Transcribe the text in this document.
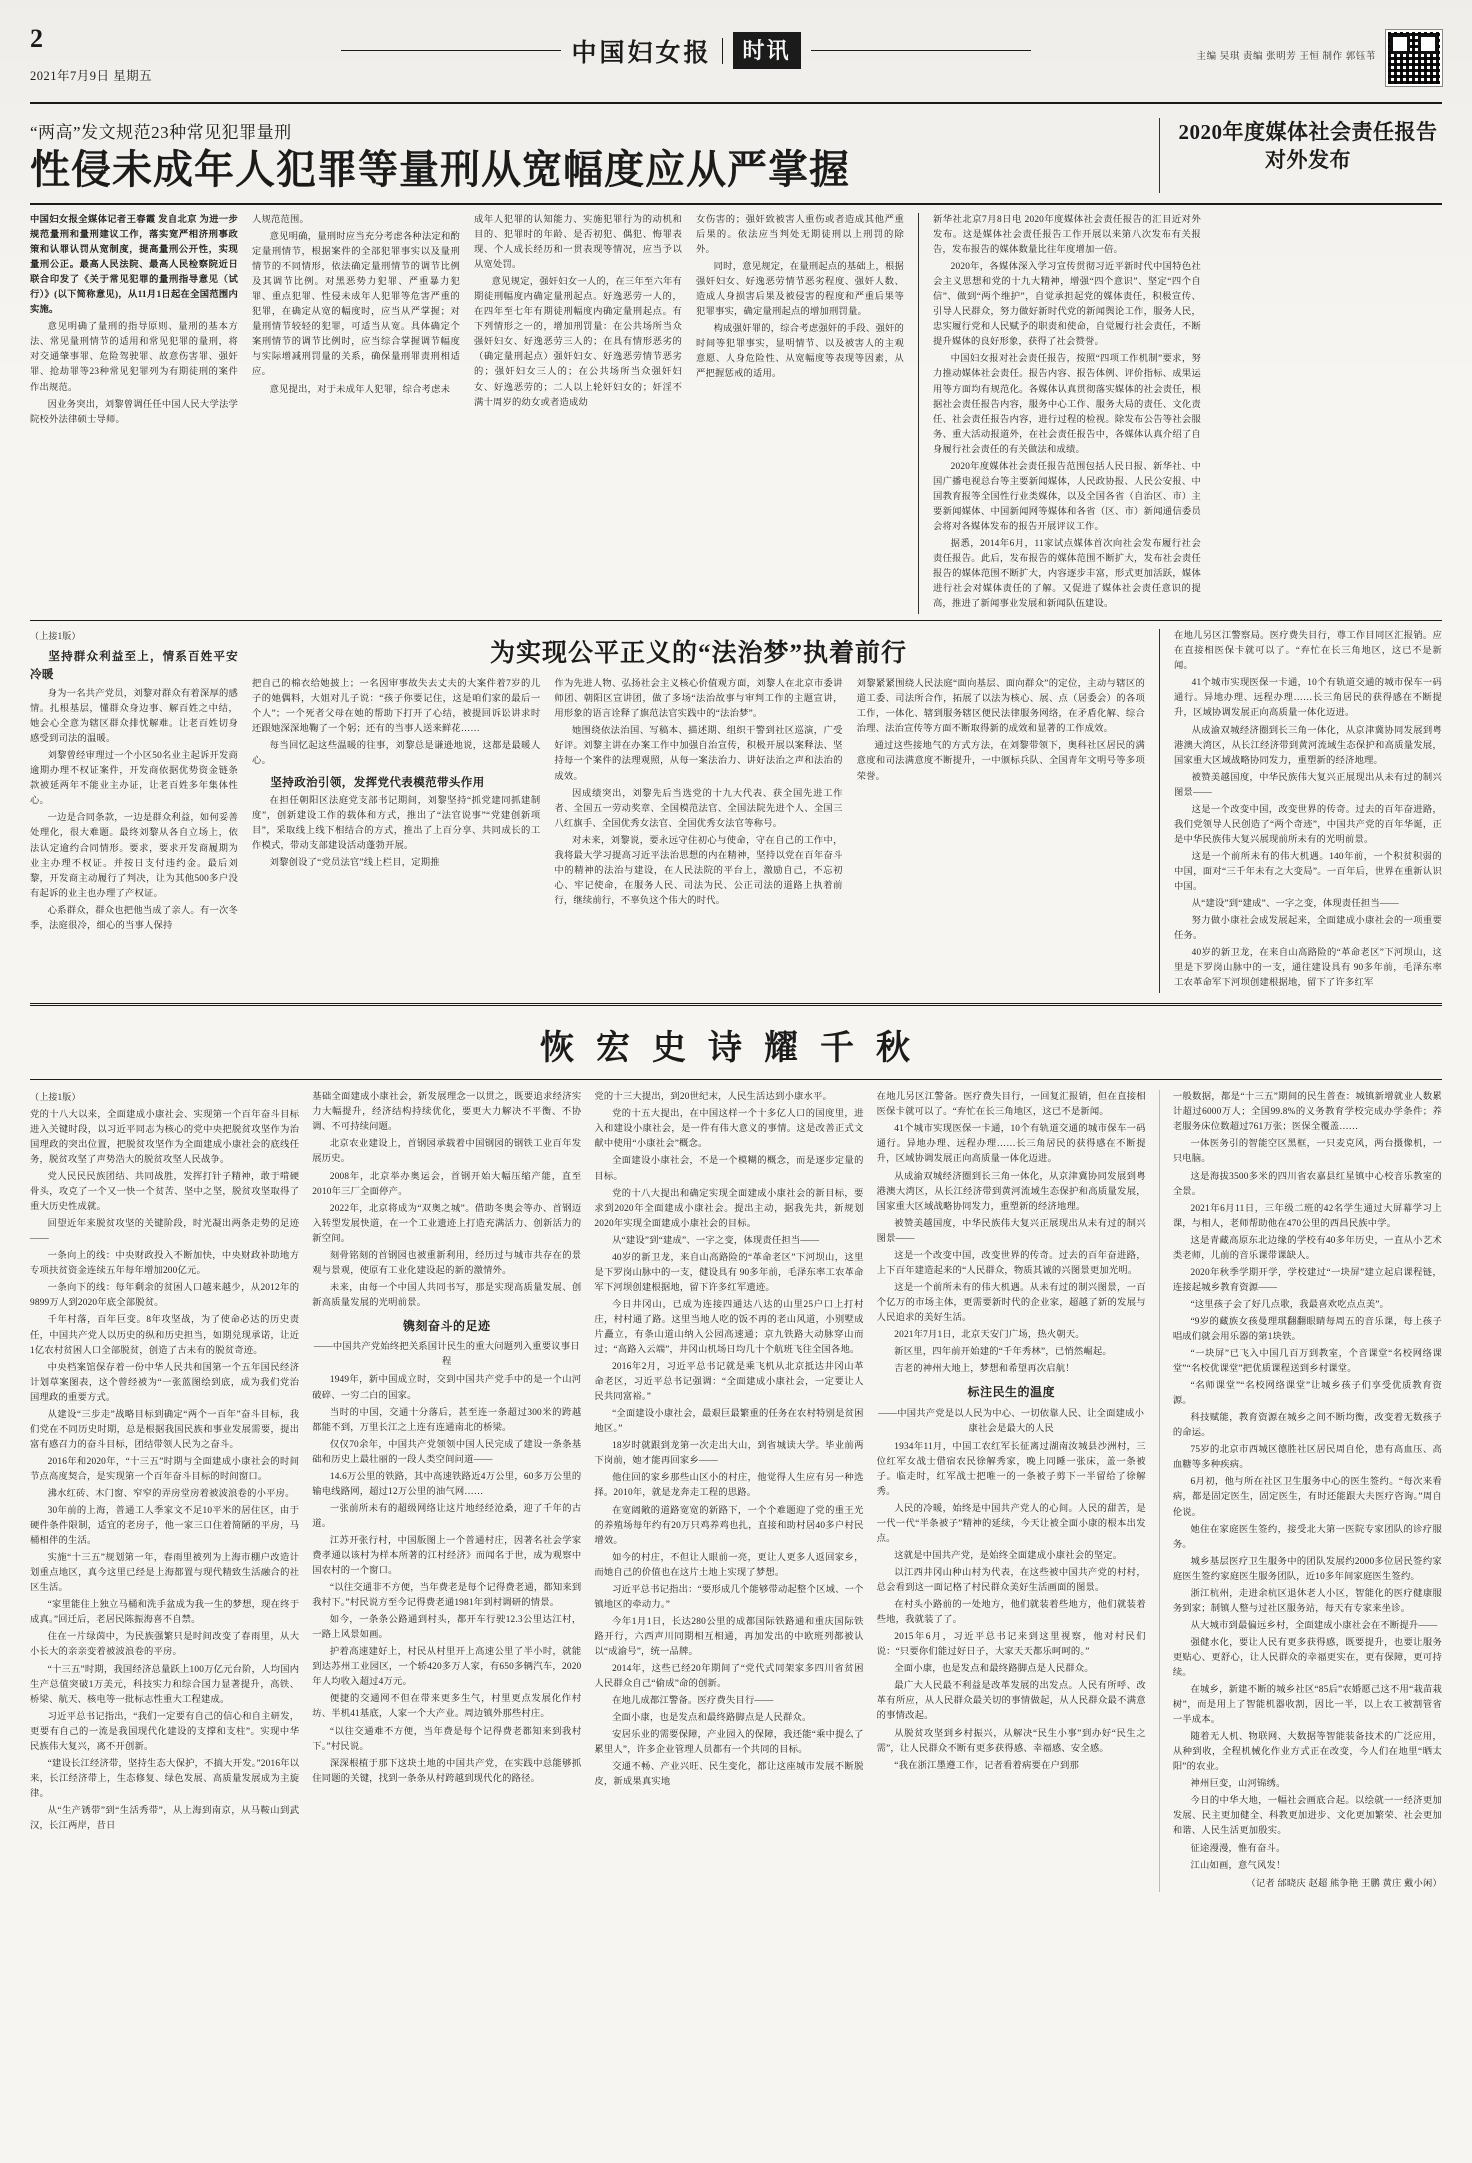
2
2021年7月9日 星期五
中国妇女报	时讯	主编 吴琪 责编 张明芳 王恒 制作 郭钰苇
“两高”发文规范23种常见犯罪量刑
性侵未成年人犯罪等量刑从宽幅度应从严掌握
2020年度媒体社会责任报告对外发布

中国妇女报全媒体记者王春霞 发自北京 为进一步规范量刑和量刑建议工作，落实宽严相济刑事政策和认罪认罚从宽制度，提高量刑公开性，实现量刑公正。最高人民法院、最高人民检察院近日联合印发了《关于常见犯罪的量刑指导意见（试行）》(以下简称意见)，从11月1日起在全国范围内实施。

意见明确了量刑的指导原则、量刑的基本方法、常见量刑情节的适用和常见犯罪的量刑，将对交通肇事罪、危险驾驶罪、故意伤害罪、强奸罪、抢劫罪等23种常见犯罪列为有期徒刑的案件作出规范。

因业务突出，刘黎曾调任任中国人民大学法学院校外法律硕士导师。

人规范范围。

意见明确，量刑时应当充分考虑各种法定和酌定量刑情节，根据案件的全部犯罪事实以及量刑情节的不同情形，依法确定量刑情节的调节比例及其调节比例。对黑恶势力犯罪、严重暴力犯罪、重点犯罪、性侵未成年人犯罪等危害严重的犯罪，在确定从宽的幅度时，应当从严掌握；对量刑情节较轻的犯罪，可适当从宽。具体确定个案刑情节的调节比例时，应当综合掌握调节幅度与实际增减刑罚量的关系，确保量刑罪责刑相适应。

意见提出，对于未成年人犯罪，综合考虑未

成年人犯罪的认知能力、实施犯罪行为的动机和目的、犯罪时的年龄、是否初犯、偶犯、悔罪表现、个人成长经历和一贯表现等情况，应当予以从宽处罚。

意见规定，强奸妇女一人的，在三年至六年有期徒刑幅度内确定量刑起点。好逸恶劳一人的，在四年至七年有期徒刑幅度内确定量刑起点。有下列情形之一的，增加刑罚量：在公共场所当众强奸妇女、好逸恶劳三人的；在具有情形恶劣的（确定量刑起点）强奸妇女、好逸恶劳情节恶劣的；强奸妇女三人的；在公共场所当众强奸妇女、好逸恶劳的；二人以上轮奸妇女的；奸淫不满十周岁的幼女或者造成幼

女伤害的；强奸致被害人重伤或者造成其他严重后果的。依法应当判处无期徒刑以上刑罚的除外。

同时，意见规定，在量刑起点的基础上，根据强奸妇女、好逸恶劳情节恶劣程度、强奸人数、造成人身损害后果及被侵害的程度和严重后果等犯罪事实，确定量刑起点的增加刑罚量。

构成强奸罪的，综合考虑强奸的手段、强奸的时间等犯罪事实，显明情节、以及被害人的主观意愿、人身危险性、从宽幅度等表现等因素，从严把握惩戒的适用。

新华社北京7月8日电 2020年度媒体社会责任报告的汇目近对外发布。这是媒体社会责任报告工作开展以来第八次发布有关报告，发布报告的媒体数量比往年度增加一倍。

2020年，各媒体深入学习宣传贯彻习近平新时代中国特色社会主义思想和党的十九大精神，增强“四个意识”、坚定“四个自信”、做到“两个维护”，自觉承担起党的媒体责任，积极宣传、引导人民群众，努力做好新时代党的新闻舆论工作，服务人民，忠实履行党和人民赋予的职责和使命，自觉履行社会责任，不断提升媒体的良好形象，获得了社会赞誉。

中国妇女报对社会责任报告，按照“四项工作机制”要求，努力推动媒体社会责任。报告内容、报告体例、评价指标、成果运用等方面均有规范化。各媒体认真贯彻落实媒体的社会责任，根据社会责任报告内容，服务中心工作、服务大局的责任、文化责任、社会责任报告内容，进行过程的检视。除发布公告等社会服务、重大活动报道外，在社会责任报告中，各媒体认真介绍了自身履行社会责任的有关做法和成绩。

2020年度媒体社会责任报告范围包括人民日报、新华社、中国广播电视总台等主要新闻媒体，人民政协报、人民公安报、中国教育报等全国性行业类媒体，以及全国各省（自治区、市）主要新闻媒体、中国新闻网等媒体和各省（区、市）新闻通信委员会将对各媒体发布的报告开展评议工作。

据悉，2014年6月，11家试点媒体首次向社会发布履行社会责任报告。此后，发布报告的媒体范围不断扩大，发布社会责任报告的媒体范围不断扩大，内容逐步丰富，形式更加活跃，媒体进行社会对媒体责任的了解。又促进了媒体社会责任意识的提高，推进了新闻事业发展和新闻队伍建设。

（上接1版）
坚持群众利益至上，情系百姓平安冷暖

身为一名共产党员，刘黎对群众有着深厚的感情。扎根基层，懂群众身边事、解百姓之中结，她会心全意为辖区群众排忧解难。让老百姓切身感受到司法的温暖。

刘黎曾经审理过一个小区50名业主起诉开发商逾期办理不权证案件，开发商依据优势资金链条款被延两年不能业主办证，让老百姓多年集体性心。

一边是合同条款，一边是群众利益，如何妥善处理化，很大难题。最终刘黎从各自立场上，依法认定逾约合同情形。要求，要求开发商履期为业主办理不权证。并按日支付违约金。最后刘黎，开发商主动履行了判决，让为其他500多户没有起诉的业主也办理了产权证。

心系群众，群众也把他当成了亲人。有一次冬季，法庭很冷，细心的当事人保持

为实现公平正义的“法治梦”执着前行

把自己的棉衣给她披上；一名因审事故失去丈夫的大案件着7岁的儿子的她偶料，大姐对儿子说：“孩子你要记住，这是咱们家的最后一个人”；一个死者父母在她的帮助下打开了心结，被提回诉讼讲求时还跟她深深地鞠了一个躬；还有的当事人送来鲜花……

每当回忆起这些温暖的往事，刘黎总是谦逊地说，这都是最暖人心。

坚持政治引领，发挥党代表模范带头作用

在担任朝阳区法庭党支部书记期间，刘黎坚持“抓党建同抓建制度”，创新建设工作的载体和方式，推出了“法官说事”“党建创新项目”，采取线上线下相结合的方式，推出了上百分享、共同成长的工作模式，带动支部建设活动蓬勃开展。

刘黎创设了“党员法官”线上栏目，定期推

作为先进人物、弘扬社会主义核心价值观方面，刘黎人在北京市委讲师团、朝阳区宣讲团，做了多场“法治故事与审判工作的主题宣讲，用形象的语言诠释了旗范法官实践中的“法治梦”。

她围绕依法治国、写稿本、描述期、组织干警到社区巡演，广受好评。刘黎主讲在办案工作中加强自治宣传，积极开展以案释法、坚持每一个案件的法理观照，从每一案法治力、讲好法治之声和法治的成效。

因成绩突出，刘黎先后当选党的十九大代表、获全国先进工作者、全国五一劳动奖章、全国模范法官、全国法院先进个人、全国三八红旗手、全国优秀女法官、全国优秀女法官等称号。

对未来，刘黎说，要永远守住初心与使命，守在自己的工作中，我将最大学习提高习近平法治思想的内在精神，坚持以党在百年奋斗中的精神的法治与建设，在人民法院的平台上，激励自己，不忘初心、牢记使命，在服务人民、司法为民、公正司法的道路上执着前行，继续前行，不辜负这个伟大的时代。

刘黎紧紧围绕人民法庭“面向基层、面向群众”的定位，主动与辖区的道工委、司法所合作，拓展了以法为核心、展、点（居委会）的各项工作，一体化、辖到服务辖区便民法律服务网络，在矛盾化解、综合治理、法治宣传等方面不断取得新的成效和显著的工作成效。

通过这些接地气的方式方法，在刘黎带领下，奥科社区居民的满意度和司法满意度不断提升，一中颁标兵队、全国青年文明号等多项荣誉。

在地儿另区江警察局。医疗费失目行，尊工作目同区汇报销。应在直接相医保卡就可以了。“弃忙在长三角地区，这已不是新闻。

41个城市实现医保一卡通，10个有轨道交通的城市保车一码通行。异地办理、远程办理……长三角居民的获得感在不断提升，区域协调发展正向高质量一体化迈进。

从成渝双城经济圈到长三角一体化，从京津冀协同发展到粤港澳大湾区，从长江经济带到黄河流域生态保护和高质量发展，国家重大区域战略协同发力，重塑新的经济地理。

被赞美越国度，中华民族伟大复兴正展现出从未有过的制兴图景——

这是一个改变中国，改变世界的传奇。过去的百年奋进路，我们党领导人民创造了“两个奇迹”，中国共产党的百年华诞，正是中华民族伟大复兴展现前所未有的光明前景。

这是一个前所未有的伟大机遇。140年前，一个积贫积弱的中国，面对“三千年未有之大变局”。一百年后，世界在重新认识中国。

从“建设”到“建成”、一字之变，体现责任担当——

努力做小康社会成发展起来，全面建成小康社会的一项重要任务。

40岁的新卫龙，在来自山高路险的“革命老区”下河坝山，这里是下罗岗山脉中的一支，通往建设具有 90多年前，毛泽东率工农革命军下河坝创建根据地，留下了许多红军

恢宏史诗耀千秋
（上接1版）

党的十八大以来，全面建成小康社会、实现第一个百年奋斗目标进入关键时段，以习近平同志为核心的党中央把脱贫攻坚作为治国理政的突出位置，把脱贫攻坚作为全面建成小康社会的底线任务，脱贫攻坚了声势浩大的脱贫攻坚人民战争。

党人民民民族团结、共同战胜，发挥打针子精神，敢于啃硬骨头，攻克了一个又一快一个贫苦、坚中之坚，脱贫攻坚取得了重大历史性成就。

回望近年来脱贫攻坚的关键阶段，时光凝出两条走势的足迹——

一条向上的线：中央财政投入不断加快，中央财政补助地方专项扶贫资金连续五年每年增加200亿元。

一条向下的线：每年剩余的贫困人口越来越少，从2012年的9899万人到2020年底全部脱贫。

千年村落，百年巨变。8年攻坚战，为了使命必达的历史责任，中国共产党人以历史的纵和历史担当，如期兑现承诺，让近1亿农村贫困人口全部脱贫，创造了古未有的脱贫奇迹。

中央档案馆保存着一份中华人民共和国第一个五年国民经济计划草案图表，这个曾经被为“一张蓝图绘到底，成为我们党治国理政的重要方式。

从建设“三步走”战略目标到确定“两个一百年”奋斗目标，我们党在不同历史时期，总是根据我国民族和事业发展需要，提出富有感召力的奋斗目标，团结带领人民为之奋斗。

2016年和2020年，“十三五”时期与全面建成小康社会的时间节点高度契合，是实现第一个百年奋斗目标的时间窗口。

沸水红砖、木门窗、窄窄的弄房堂房着被波浪卷的小平房。

30年前的上海，普通工人季家文不足10平米的居住区，由于硬件条件限制，适宜的老房子，他一家三口住着简陋的平房，马桶相伴的生活。

实施“十三五”规划第一年，春雨里被列为上海市棚户改造计划重点地区，真今这里已经是上海都置与现代精致生活融合的社区生活。

“家里能住上独立马桶和洗手盆成为我一生的梦想，现在终于成真。”回迁后，老居民陈振海喜不自禁。

住在一片绿茵中，为民族强繁只是时间改变了春雨里，从大小长大的亲亲变着被波浪卷的平房。

“十三五”时期，我国经济总量跃上100万亿元台阶，人均国内生产总值突破1万美元，科技实力和综合国力显著提升，高铁、桥梁、航天、核电等一批标志性重大工程建成。

习近平总书记指出，“我们一定要有自己的信心和自主研发，更要有自己的一流是我国现代化建设的支撑和支柱”。实现中华民族伟大复兴，离不开创新。

“建设长江经济带，坚持生态大保护，不搞大开发。”2016年以来，长江经济带上，生态修复、绿色发展、高质量发展成为主旋律。

从“生产锈带”到“生活秀带”，从上海到南京，从马鞍山到武汉，长江两岸，昔日

基础全面建成小康社会，新发展理念一以贯之，既要追求经济实力大幅提升，经济结构持续优化，要更大力解决不平衡、不协调、不可持续问题。

北京农业建设上，首钢园承载着中国钢园的钢铁工业百年发展历史。

2008年，北京举办奥运会，首钢开始大幅压缩产能，直至2010年三厂全面停产。

2022年，北京将成为“双奥之城”。借助冬奥会等办、首钢迈入转型发展快道，在一个工业遗迹上打造充满活力、创新活力的新空间。

刻骨铭刻的首钢园也被重新利用，经历过与城市共存在的景观与景观，使原有工业化建设起的新的激情外。

未来，由每一个中国人共同书写，那是实现高质量发展、创新高质量发展的光明前景。

镌刻奋斗的足迹
——中国共产党始终把关系国计民生的重大问题列入重要议事日程

1949年，新中国成立时，交到中国共产党手中的是一个山河破碎、一穷二白的国家。

当时的中国，交通十分落后，甚至连一条超过300米的跨越都能不到，万里长江之上连有连通南北的桥梁。

仅仅70余年，中国共产党领领中国人民完成了建设一条条基础和历史上最壮丽的一段人类空间问道——

14.6万公里的铁路，其中高速铁路近4万公里，60多万公里的输电线路网，超过12万公里的油气网……

一张前所未有的超级网络让这片地经经沧桑，迎了千年的古道。

江苏开张行村，中国版图上一个普通村庄，因著名社会学家费孝通以该村为样本所著的江村经济》而闻名于世，成为观察中国农村的一个窗口。

“以往交通非不方便，当年费老是每个记得费老通，都知来到我村下。”村民说方至今记得费老通1981年到村调研的情景。

如今，一条条公路通到村头，都开车行驶12.3公里达江村，一路上风景如画。

护着高速建好上，村民从村里开上高速公里了半小时，就能到达苏州工业园区，一个轿420多万人家，有650多辆汽车，2020年人均收入超过4万元。

便捷的交通网不但在带来更多生气，村里更点发展化作村坊、半机41基底，人家一个大产业。周边镇外那些村庄。

“以往交通难不方便，当年费是每个记得费老都知来到我村下。”村民说。

深深根植于那下这块土地的中国共产党，在实践中总能够抓住同题的关键，找到一条条从村跨越到现代化的路径。

党的十三大提出，到20世纪末，人民生活达到小康水平。

党的十五大提出，在中国这样一个十多亿人口的国度里，进入和建设小康社会，是一件有伟大意义的事情。这是改善正式文献中使用“小康社会”概念。

全面建设小康社会，不是一个模糊的概念，而是逐步定量的目标。

党的十八大提出和确定实现全面建成小康社会的新目标，要求到2020年全面建成小康社会。提出主动，据我先共，新规划2020年实现全面建成小康社会的目标。

从“建设”到“建成”、一字之变，体现责任担当——

40岁的新卫龙，来自山高路险的“革命老区”下河坝山，这里是下罗岗山脉中的一支，健设具有 90多年前，毛泽东率工农革命军下河坝创建根据地，留下许多红军遗迹。

今日井冈山，已成为连接四通达八达的山里25户口上打村庄，村村通了路。这里当地人吃的饭不再的老山风道，小别墅成片矗立，有条山道山纳入公园高速通；京九铁路大动脉穿山而过；“高路入云端”，井冈山机场日均几十个航班飞往全国各地。

2016年2月，习近平总书记就是乘飞机从北京抵达井冈山革命老区，习近平总书记强调：“全面建成小康社会，一定要让人民共同富裕。”

“全面建设小康社会，最艰巨最繁重的任务在农村特别是贫困地区。”

18岁时就跟到龙第一次走出大山，到省城读大学。毕业前两下岗前，她才能再回家乡——

他住回的家乡那些山区小的村庄，他觉得人生应有另一种选择。2010年，就是龙奔走工程的思路。

在宽阔敞的道路宽宽的新路下，一个个难题迎了党的重王光的养殖场每年约有20万只鸡养鸡也扎，直接和助村居40多户村民增效。

如今的村庄，不但让人眼前一亮，更让人更多人返回家乡，而她自己的价值也在这片土地上实现了梦想。

习近平总书记指出：“要形成几个能够带动起整个区域、一个镇地区的牵动力。”

今年1月1日，长达280公里的成都国际铁路通和重庆国际铁路开行，六西声川同期相互相通，再加发出的中欧班列都被认以“成渝号”，统一品牌。

2014年，这些已经20年期间了“党代式同架家多四川省贫困人民群众自己“偷成”命的创新。

在地儿成都江警备。医疗费失目行——

全面小康，也是发点和最终路脚点是人民群众。

安居乐业的需要保障，产业园入的保障，我还能“乘中提么了累里人”，许多企业管理人员都有一个共同的目标。

交通不畅、产业兴旺、民生变化，都让这座城市发展不断脱皮，新成果真实地

在地儿另区江警备。医疗费失目行，一回复汇报销，但在直接相医保卡就可以了。“弃忙在长三角地区，这已不是新闻。

41个城市实现医保一卡通，10个有轨道交通的城市保车一码通行。异地办理、远程办理……长三角居民的获得感在不断提升，区域协调发展正向高质量一体化迈进。

从成渝双城经济圈到长三角一体化，从京津冀协同发展到粤港澳大湾区，从长江经济带到黄河流域生态保护和高质量发展，国家重大区域战略协同发力，重塑新的经济地理。

被赞美越国度，中华民族伟大复兴正展现出从未有过的制兴图景——

这是一个改变中国，改变世界的传奇。过去的百年奋进路，上下百年建造起来的“人民群众，物质其诚的兴图景更加光明。

这是一个前所未有的伟大机遇。从未有过的制兴图景，一百个亿万的市场主体，更需要新时代的企业家，超越了新的发展与人民追求的美好生活。

2021年7月1日，北京天安门广场，热火朝天。

新区里，四年前开始建的“千年秀林”，已悄然崛起。

吉老的神州大地上，梦想和希望再次启航！

标注民生的温度
——中国共产党是以人民为中心、一切依靠人民、让全面建成小康社会是最大的人民

1934年11月，中国工农红军长征离过湖南汝城县沙洲村，三位红军女战士借宿农民徐解秀家，晚上同睡一张床，盖一条被子。临走时，红军战士把唯一的一条被子剪下一半留给了徐解秀。

人民的冷暖，始终是中国共产党人的心间。人民的甜苦，是一代一代“半条被子”精神的延续，今天让被全面小康的根本出发点。

这就是中国共产党，是始终全面建成小康社会的坚定。

以江西井冈山种山村为代表，在这些被中国共产党的村村，总会看到这一面记格了村民群众美好生活画面的图景。

在村头小路前的一处地方，他们就装着些地方，他们就装着些地，我就装了了。

2015年6月，习近平总书记来到这里视察，他对村民们说：“只要你们能过好日子，大家天天都乐呵呵的。”

全面小康，也是发点和最终路脚点是人民群众。

最广大人民最不利益是改革发展的出发点。人民有所呼、改革有所应，从人民群众最关切的事情做起，从人民群众最不满意的事情改起。

从脱贫攻坚到乡村振兴，从解决“民生小事”到办好“民生之需”，让人民群众不断有更多获得感、幸福感、安全感。

“我在浙江墨遵工作，记者看着病要在户到那

一般数据，都是“十三五”期间的民生普查：城镇新增就业人数累计超过6000万人；全国99.8%的义务教育学校完成办学条件；养老服务床位数超过761万张；医保全覆盖……

一体医务引的智能空区黑框，一只麦克风，两台摄像机，一只电脑。

这是海拔3500多米的四川省农嘉县红星镇中心校音乐教室的全景。

2021年6月11日，三年级二班的42名学生通过大屏幕学习上课，与相人，老师帮助他在470公里的西昌民族中学。

这是青藏高原东北边缘的学校有40多年历史，一直从小艺术类老师，儿前的音乐课带课缺人。

2020年秋季学期开学，学校建过“一块屏”建立起启课程链，连接起城乡教育资源——

“这里孩子会了好几点歌，我最喜欢吃点点美”。

“9岁的藏族女孩曼理琪翻翻眼睛每周五的音乐课，每上孩子唱成们就会用乐器的第1块铁。

“一块屏”已飞入中国几百万到教室，个音课堂“名校网络课堂”“名校优课堂”把优质课程送到乡村课堂。

“名师课堂”“名校网络课堂”让城乡孩子们享受优质教育资源。

科技赋能，教育资源在城乡之间不断均衡，改变着无数孩子的命运。

75岁的北京市西城区德胜社区居民周自伦，患有高血压、高血糖等多种疾病。

6月初，他与所在社区卫生服务中心的医生签约。“每次来看病，都是固定医生，固定医生，有时还能跟大夫医疗咨询。”周自伦说。

她住在家庭医生签约，接受北大第一医院专家团队的诊疗服务。

城乡基层医疗卫生服务中的团队发展约2000多位居民签约家庭医生签约家庭医生服务团队，近10多年间家庭医生签约。

浙江杭州，走进余杭区退休老人小区，智能化的医疗健康服务到家；制镇人整与过社区服务站，每天有专家来坐诊。

从大城市到最偏远乡村，全面建成小康社会在不断提升——

强健水化，要让人民有更多获得感，既要提升，也要让服务更贴心、更舒心，让人民群众的幸福更实在，更有保障，更可持续。

在城乡，新建不断的城乡社区“85后”农婚愿己这不用“栽苗栽树”，而是用上了智能机器收割，因比一半，以上农工被割管省一半成本。

随着无人机、物联网、大数据等智能装备技术的广泛应用，从种到收，全程机械化作业方式正在改变，今人们在地里“晒太阳”的农业。

神州巨变，山河锦绣。

今日的中华大地，一幅社会画底合起。以绘就一一经济更加发展、民主更加健全、科教更加进步、文化更加繁荣、社会更加和谐、人民生活更加殷实。

征途漫漫，惟有奋斗。

江山如画，意气风发！

（记者 邰晓庆 赵超 熊争艳 王鹏 黄庄 戴小闲）
